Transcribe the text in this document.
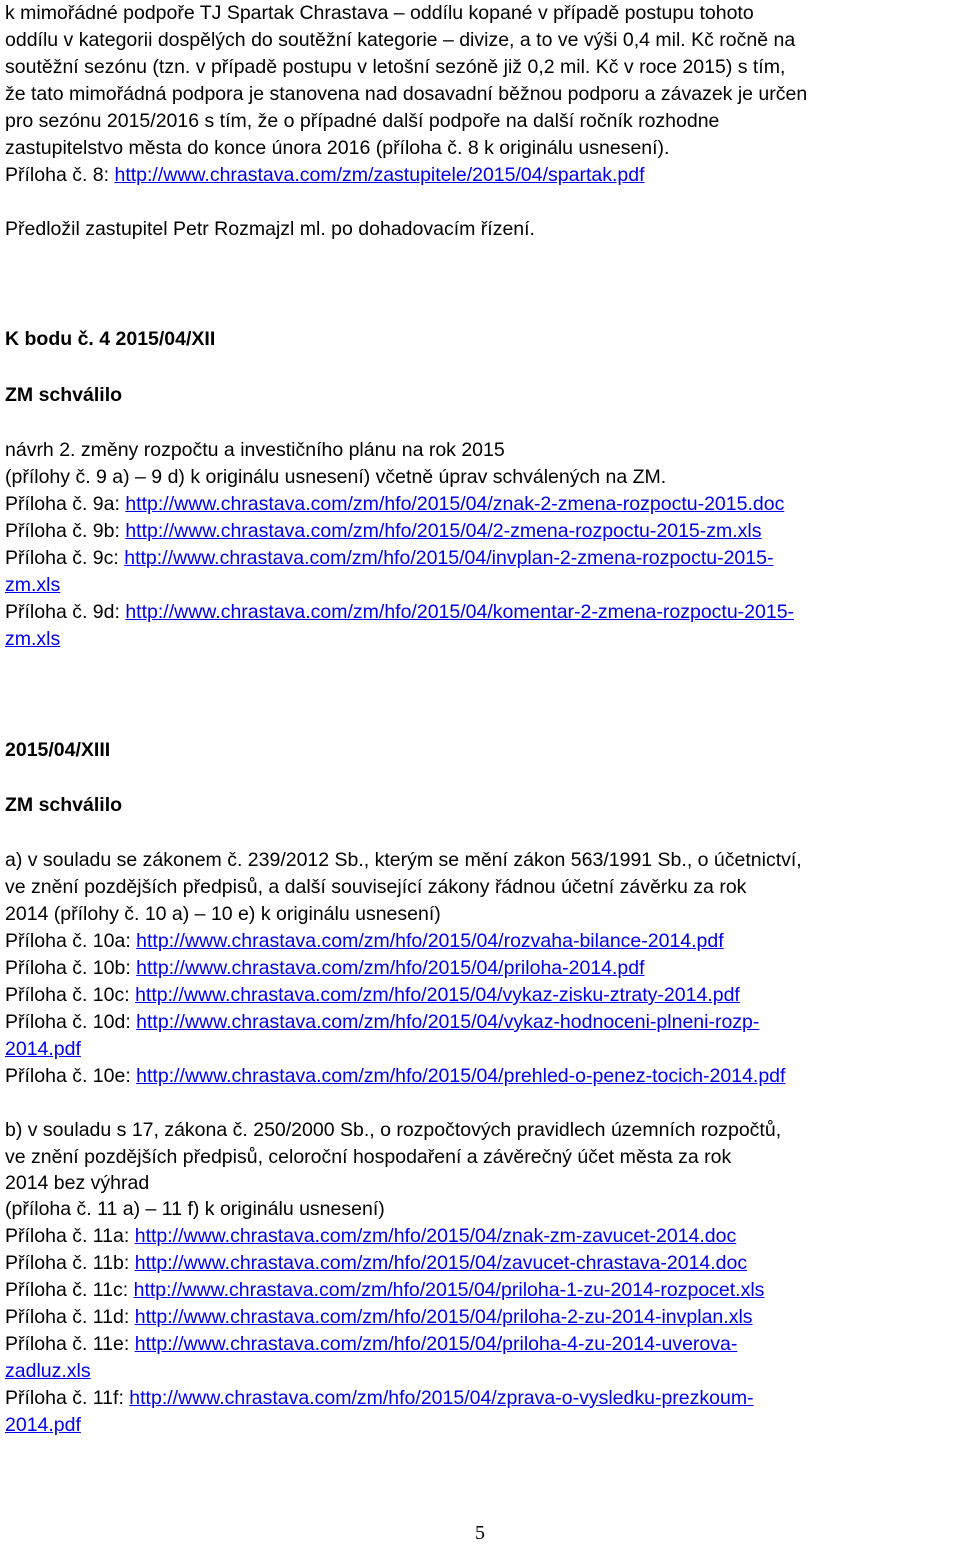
k mimořádné podpoře TJ Spartak Chrastava – oddílu kopané v případě postupu tohoto
oddílu v kategorii dospělých do soutěžní kategorie – divize, a to ve výši 0,4 mil. Kč ročně na
soutěžní sezónu (tzn. v případě postupu v letošní sezóně již 0,2 mil. Kč v roce 2015) s tím,
že tato mimořádná podpora je stanovena nad dosavadní běžnou podporu a závazek je určen
pro sezónu 2015/2016 s tím, že o případné další podpoře na další ročník rozhodne
zastupitelstvo města do konce února 2016 (příloha č. 8 k originálu usnesení).
Příloha č. 8: http://www.chrastava.com/zm/zastupitele/2015/04/spartak.pdf
Předložil zastupitel Petr Rozmajzl ml. po dohadovacím řízení.
K bodu č. 4 2015/04/XII
ZM schválilo
návrh 2. změny rozpočtu a investičního plánu na rok 2015
(přílohy č. 9 a) – 9 d) k originálu usnesení) včetně úprav schválených na ZM.
Příloha č. 9a: http://www.chrastava.com/zm/hfo/2015/04/znak-2-zmena-rozpoctu-2015.doc
Příloha č. 9b: http://www.chrastava.com/zm/hfo/2015/04/2-zmena-rozpoctu-2015-zm.xls
Příloha č. 9c: http://www.chrastava.com/zm/hfo/2015/04/invplan-2-zmena-rozpoctu-2015-
zm.xls
Příloha č. 9d: http://www.chrastava.com/zm/hfo/2015/04/komentar-2-zmena-rozpoctu-2015-
zm.xls
2015/04/XIII
ZM schválilo
a) v souladu se zákonem č. 239/2012 Sb., kterým se mění zákon 563/1991 Sb., o účetnictví,
ve znění pozdějších předpisů, a další související zákony řádnou účetní závěrku za rok
2014 (přílohy č. 10 a) – 10 e) k originálu usnesení)
Příloha č. 10a: http://www.chrastava.com/zm/hfo/2015/04/rozvaha-bilance-2014.pdf
Příloha č. 10b: http://www.chrastava.com/zm/hfo/2015/04/priloha-2014.pdf
Příloha č. 10c: http://www.chrastava.com/zm/hfo/2015/04/vykaz-zisku-ztraty-2014.pdf
Příloha č. 10d: http://www.chrastava.com/zm/hfo/2015/04/vykaz-hodnoceni-plneni-rozp-
2014.pdf
Příloha č. 10e: http://www.chrastava.com/zm/hfo/2015/04/prehled-o-penez-tocich-2014.pdf
b) v souladu s 17, zákona č. 250/2000 Sb., o rozpočtových pravidlech územních rozpočtů,
ve znění pozdějších předpisů, celoroční hospodaření a závěrečný účet města za rok
2014 bez výhrad
(příloha č. 11 a) – 11 f) k originálu usnesení)
Příloha č. 11a: http://www.chrastava.com/zm/hfo/2015/04/znak-zm-zavucet-2014.doc
Příloha č. 11b: http://www.chrastava.com/zm/hfo/2015/04/zavucet-chrastava-2014.doc
Příloha č. 11c: http://www.chrastava.com/zm/hfo/2015/04/priloha-1-zu-2014-rozpocet.xls
Příloha č. 11d: http://www.chrastava.com/zm/hfo/2015/04/priloha-2-zu-2014-invplan.xls
Příloha č. 11e: http://www.chrastava.com/zm/hfo/2015/04/priloha-4-zu-2014-uverova-
zadluz.xls
Příloha č. 11f: http://www.chrastava.com/zm/hfo/2015/04/zprava-o-vysledku-prezkoum-
2014.pdf
5
